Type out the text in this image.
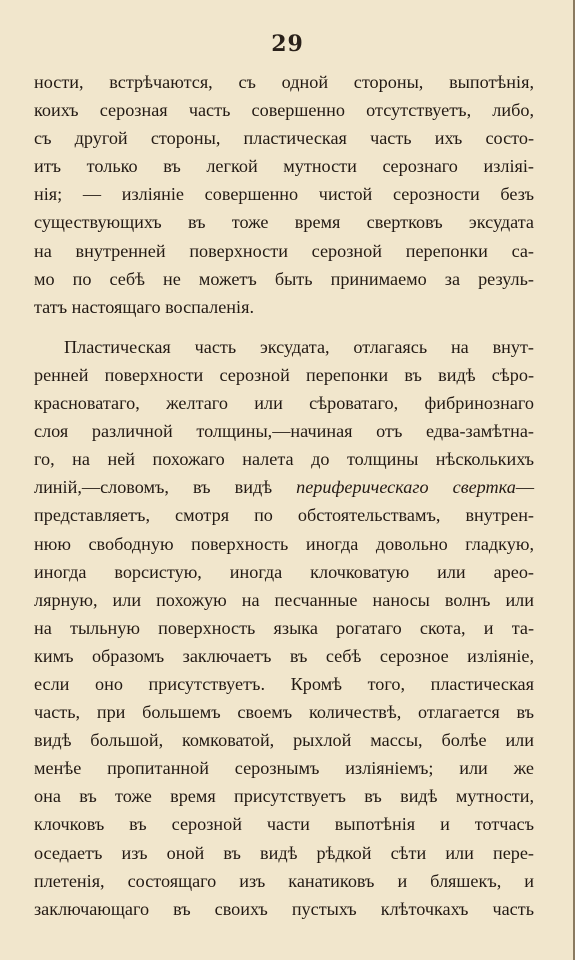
29
ности, встрѣчаются, съ одной стороны, выпотѣнія,
коихъ серозная часть совершенно отсутствуетъ, либо,
съ другой стороны, пластическая часть ихъ состо-
итъ только въ легкой мутности сeрознаго изліяi-
нія; — изліяніе совершенно чистой серозности безъ
существующихъ въ тоже время свертковъ эксудата
на внутренней поверхности серозной перепонки са-
мо по себѣ не можетъ быть принимаемо за резуль-
татъ настоящаго воспаленія.
Пластическая часть эксудата, отлагаясь на внут-
ренней поверхности серозной перепонки въ видѣ сѣро-
красноватаго, желтаго или сѣроватаго, фибринознаго
слоя различной толщины,—начиная отъ едва-замѣтна-
го, на ней похожаго налета до толщины нѣсколькихъ
линій,—словомъ, въ видѣ периферическаго свертка—
представляетъ, смотря по обстоятельствамъ, внутрен-
нюю свободную поверхность иногда довольно гладкую,
иногда ворсистую, иногда клочковатую или арео-
лярную, или похожую на песчанные наносы волнъ или
на тыльную поверхность языка рогатаго скота, и та-
кимъ образомъ заключаетъ въ себѣ серозное изліяніе,
если оно присутствуетъ. Кромѣ того, пластическая
часть, при большемъ своемъ количествѣ, отлагается въ
видѣ большой, комковатой, рыхлой массы, болѣе или
менѣе пропитанной серознымъ изліяніемъ; или же
она въ тоже время присутствуетъ въ видѣ мутности,
клочковъ въ серозной части выпотѣнія и тотчасъ
оседаетъ изъ оной въ видѣ рѣдкой сѣти или пере-
плетенія, состоящаго изъ канатиковъ и бляшекъ, и
заключающаго въ своихъ пустыхъ клѣточкахъ часть
